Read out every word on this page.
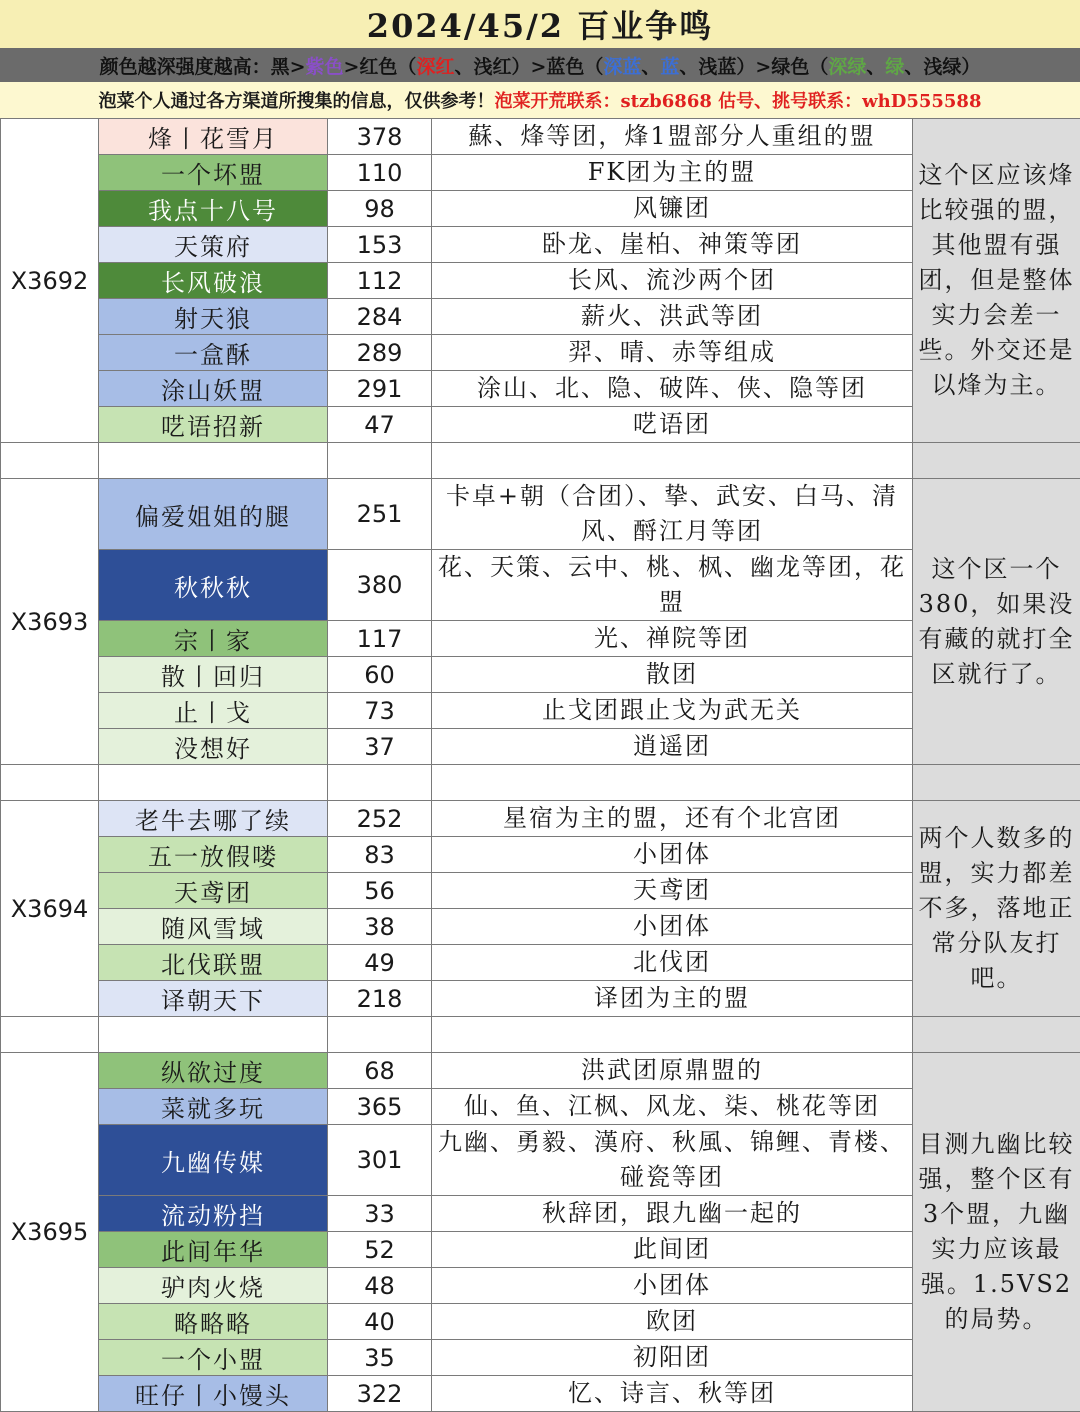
2024/45/2 百业争鸣
颜色越深强度越高：黑> 紫色 >红色（ 深红 、浅红）>蓝色（ 深蓝 、 蓝 、浅蓝）>绿色（ 深绿 、 绿 、浅绿）
泡菜个人通过各方渠道所搜集的信息，仅供参考！ 泡菜开荒联系：stzb6868 估号、挑号联系：whD555588
X3692	烽丨花雪月	378	蘇、烽等团，烽1盟部分人重组的盟	这个区应该烽比较强的盟，其他盟有强团，但是整体实力会差一些。外交还是以烽为主。
	一个坏盟	110	FK团为主的盟	
	我点十八号	98	风镰团	
	天策府	153	卧龙、崖柏、神策等团	
	长风破浪	112	长风、流沙两个团	
	射天狼	284	薪火、洪武等团	
	一盒酥	289	羿、晴、赤等组成	
	涂山妖盟	291	涂山、北、隐、破阵、侠、隐等团	
	呓语招新	47	呓语团	

X3693	偏爱姐姐的腿	251	卡卓+朝（合团）、挚、武安、白马、清风、酹江月等团	这个区一个380，如果没有藏的就打全区就行了。
	秋秋秋	380	花、天策、云中、桃、枫、幽龙等团，花盟	
	宗丨家	117	光、禅院等团	
	散丨回归	60	散团	
	止丨戈	73	止戈团跟止戈为武无关	
	没想好	37	逍遥团	

X3694	老牛去哪了续	252	星宿为主的盟，还有个北宫团	两个人数多的盟，实力都差不多，落地正常分队友打吧。
	五一放假喽	83	小团体	
	天鸢团	56	天鸢团	
	随风雪域	38	小团体	
	北伐联盟	49	北伐团	
	译朝天下	218	译团为主的盟	

X3695	纵欲过度	68	洪武团原鼎盟的	目测九幽比较强，整个区有3个盟，九幽实力应该最强。1.5VS2的局势。
	菜就多玩	365	仙、鱼、江枫、风龙、柒、桃花等团	
	九幽传媒	301	九幽、勇毅、漢府、秋風、锦鲤、青楼、碰瓷等团	
	流动粉挡	33	秋辞团，跟九幽一起的	
	此间年华	52	此间团	
	驴肉火烧	48	小团体	
	略略略	40	欧团	
	一个小盟	35	初阳团	
	旺仔丨小馒头	322	忆、诗言、秋等团	
